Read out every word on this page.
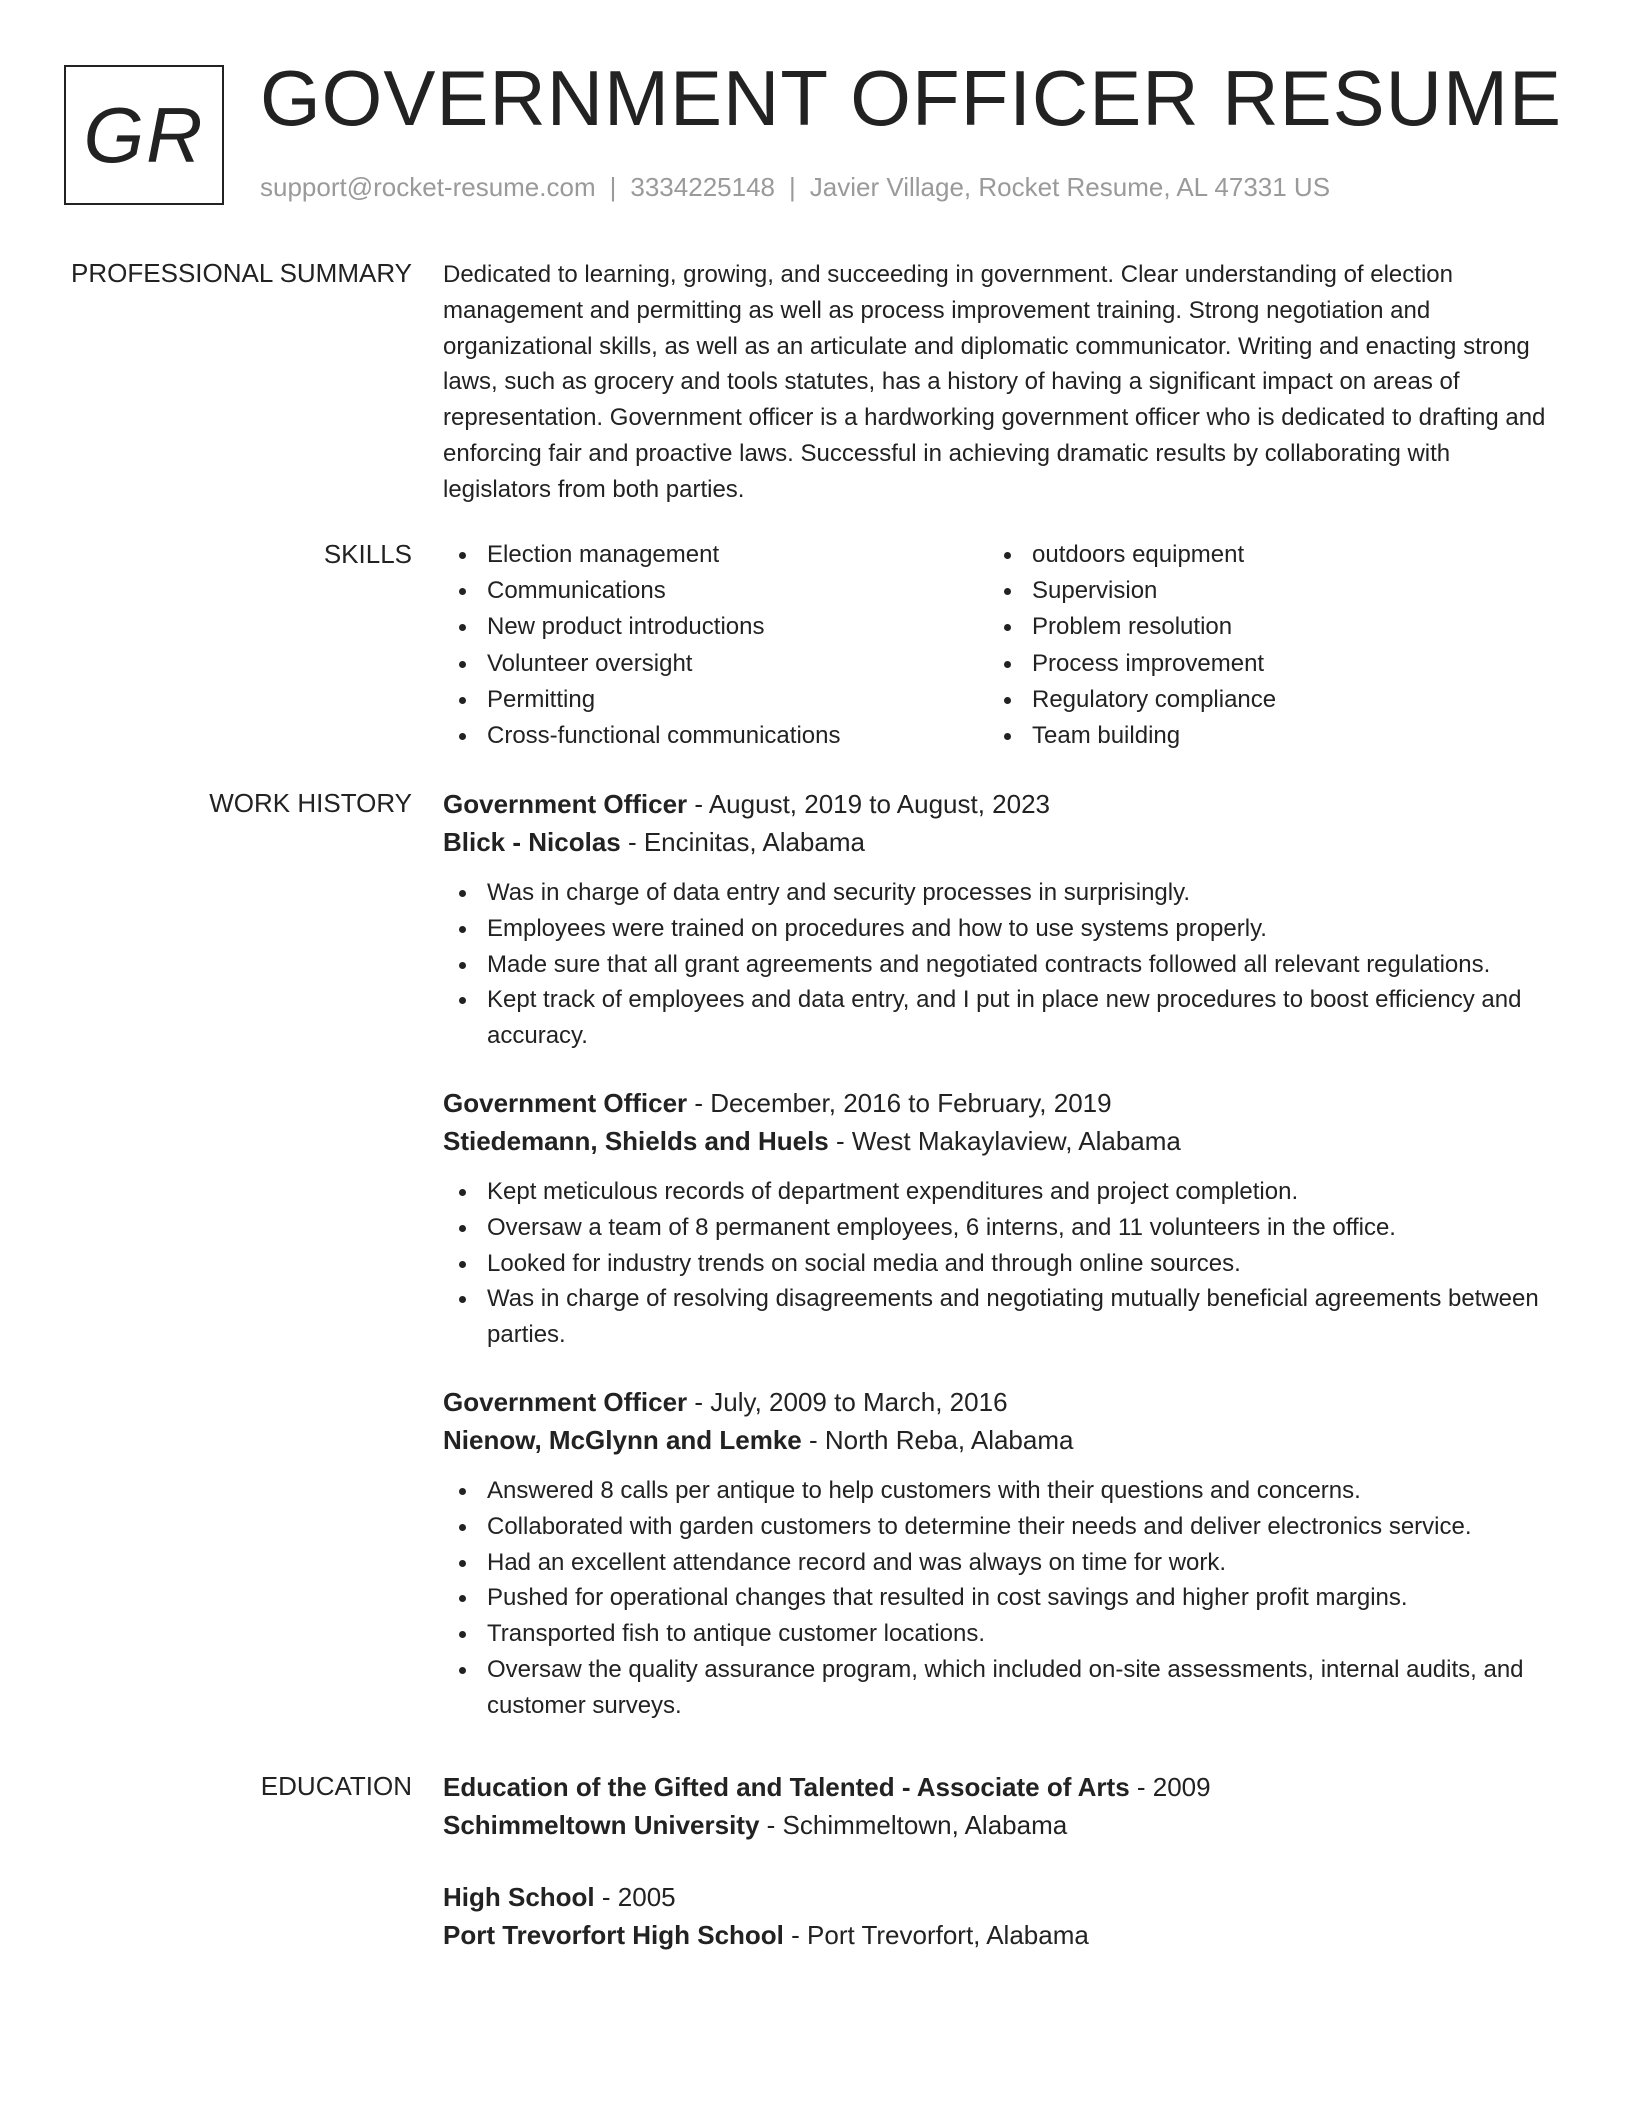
GR GOVERNMENT OFFICER RESUME
support@rocket-resume.com | 3334225148 | Javier Village, Rocket Resume, AL 47331 US
PROFESSIONAL SUMMARY Dedicated to learning, growing, and succeeding in government. Clear understanding of election management and permitting as well as process improvement training. Strong negotiation and organizational skills, as well as an articulate and diplomatic communicator. Writing and enacting strong laws, such as grocery and tools statutes, has a history of having a significant impact on areas of representation. Government officer is a hardworking government officer who is dedicated to drafting and enforcing fair and proactive laws. Successful in achieving dramatic results by collaborating with legislators from both parties.

SKILLS	Election management
Communications
New product introductions
Volunteer oversight
Permitting
Cross-functional communications
outdoors equipment
Supervision
Problem resolution
Process improvement
Regulatory compliance
Team building
WORK HISTORY Government Officer - August, 2019 to August, 2023
Blick - Nicolas - Encinitas, Alabama
Was in charge of data entry and security processes in surprisingly.
Employees were trained on procedures and how to use systems properly.
Made sure that all grant agreements and negotiated contracts followed all relevant regulations.
Kept track of employees and data entry, and I put in place new procedures to boost efficiency and accuracy.
Government Officer - December, 2016 to February, 2019
Stiedemann, Shields and Huels - West Makaylaview, Alabama
Kept meticulous records of department expenditures and project completion.
Oversaw a team of 8 permanent employees, 6 interns, and 11 volunteers in the office.
Looked for industry trends on social media and through online sources.
Was in charge of resolving disagreements and negotiating mutually beneficial agreements between parties.
Government Officer - July, 2009 to March, 2016
Nienow, McGlynn and Lemke - North Reba, Alabama
Answered 8 calls per antique to help customers with their questions and concerns.
Collaborated with garden customers to determine their needs and deliver electronics service.
Had an excellent attendance record and was always on time for work.
Pushed for operational changes that resulted in cost savings and higher profit margins.
Transported fish to antique customer locations.
Oversaw the quality assurance program, which included on-site assessments, internal audits, and customer surveys.
EDUCATION Education of the Gifted and Talented - Associate of Arts - 2009
Schimmeltown University - Schimmeltown, Alabama
High School - 2005
Port Trevorfort High School - Port Trevorfort, Alabama
